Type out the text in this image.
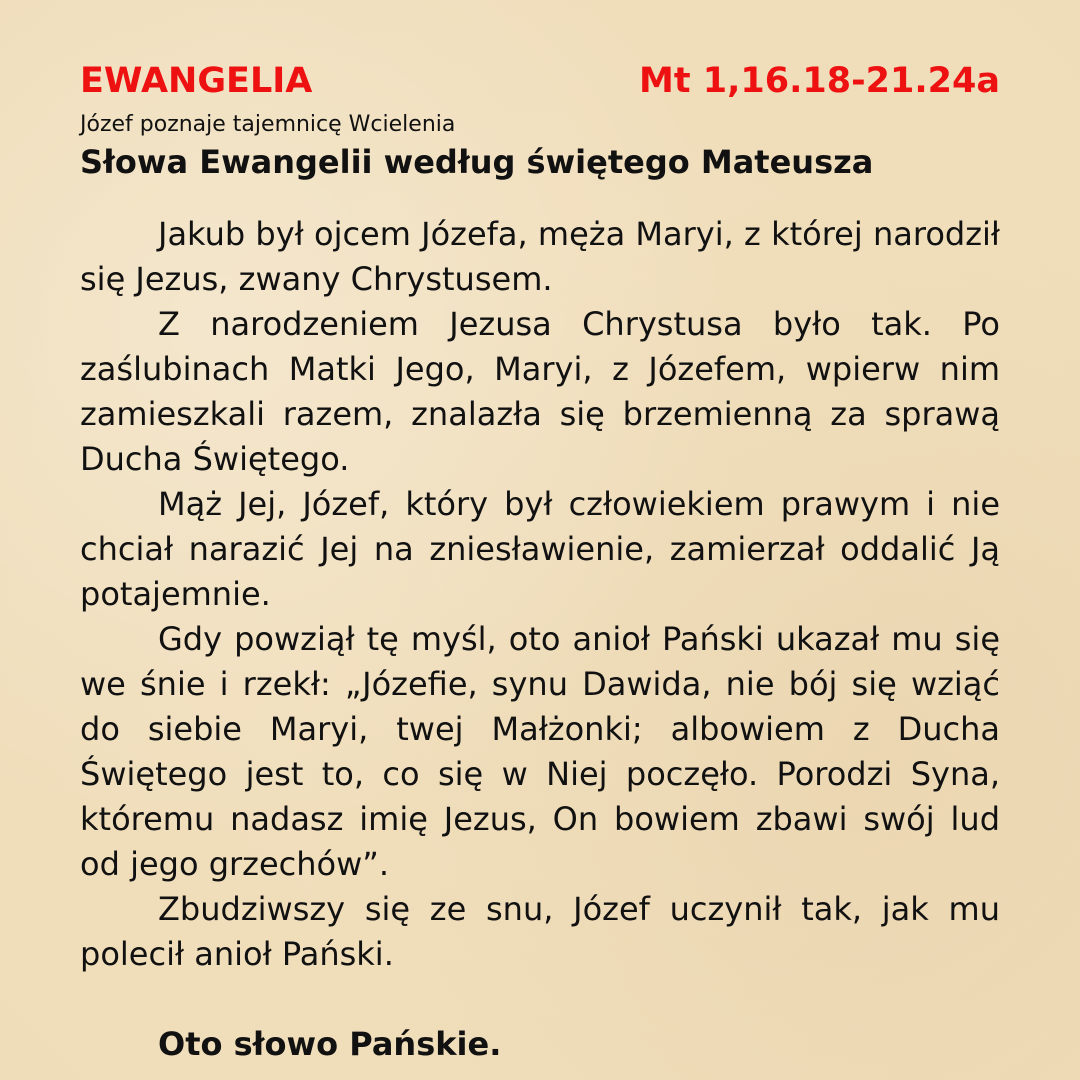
EWANGELIA	Mt 1,16.18-21.24a
Józef poznaje tajemnicę Wcielenia
Słowa Ewangelii według świętego Mateusza

Jakub był ojcem Józefa, męża Maryi, z której narodził się Jezus, zwany Chrystusem.

Z narodzeniem Jezusa Chrystusa było tak. Po zaślubinach Matki Jego, Maryi, z Józefem, wpierw nim zamieszkali razem, znalazła się brzemienną za sprawą Ducha Świętego.

Mąż Jej, Józef, który był człowiekiem prawym i nie chciał narazić Jej na zniesławienie, zamierzał oddalić Ją potajemnie.

Gdy powziął tę myśl, oto anioł Pański ukazał mu się we śnie i rzekł: „Józefie, synu Dawida, nie bój się wziąć do siebie Maryi, twej Małżonki; albowiem z Ducha Świętego jest to, co się w Niej poczęło. Porodzi Syna, któremu nadasz imię Jezus, On bowiem zbawi swój lud od jego grzechów”.

Zbudziwszy się ze snu, Józef uczynił tak, jak mu polecił anioł Pański.

Oto słowo Pańskie.
